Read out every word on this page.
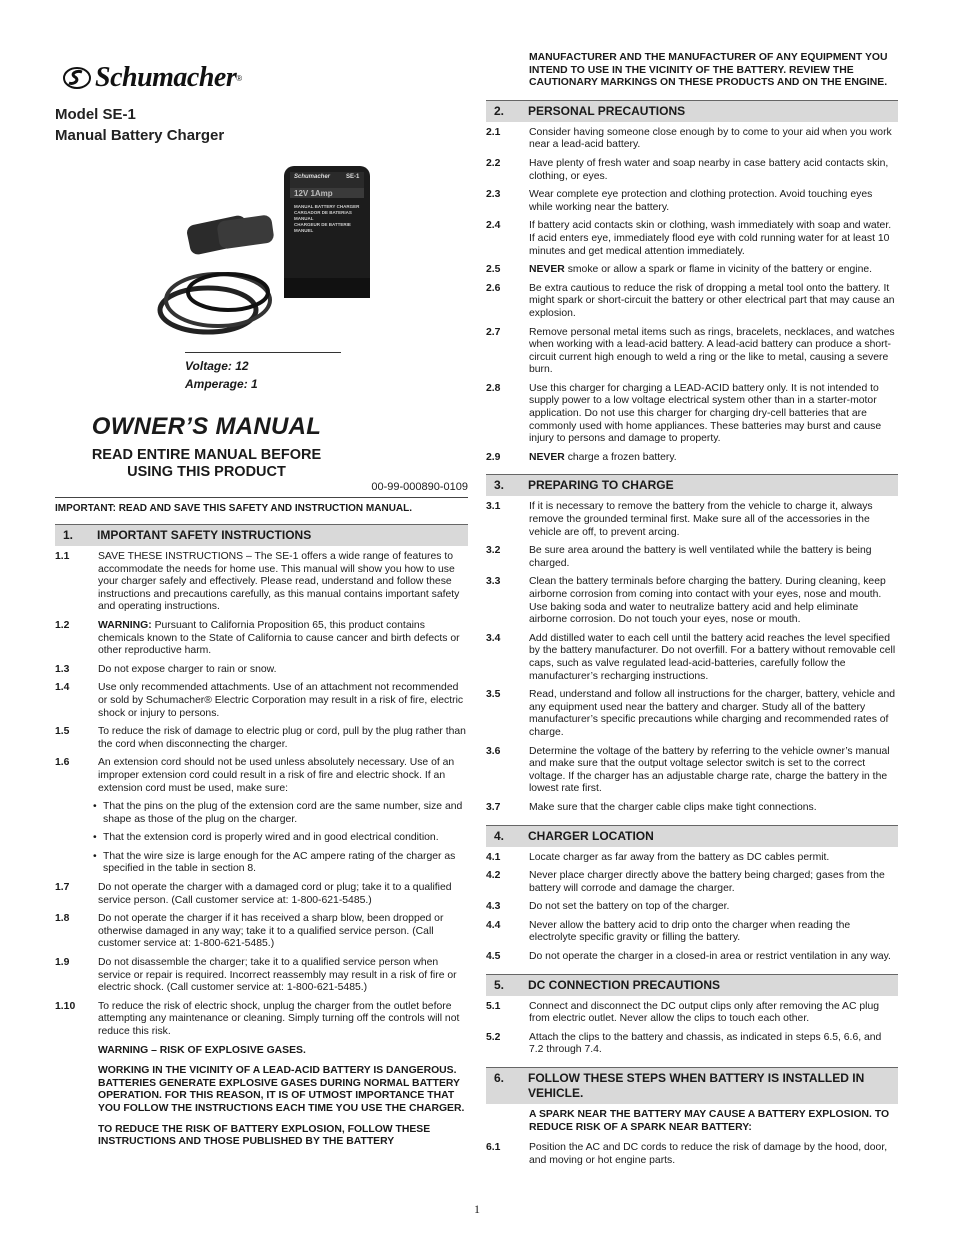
Schumacher ®
Model SE-1
Manual Battery Charger
Schumacher	SE-1
12V 1Amp
MANUAL BATTERY CHARGER
CARGADOR DE BATERIAS MANUAL
CHARGEUR DE BATTERIE MANUEL
Voltage: 12
Amperage: 1
OWNER’S MANUAL
READ ENTIRE MANUAL BEFORE
USING THIS PRODUCT
00-99-000890-0109
IMPORTANT: READ AND SAVE THIS SAFETY AND INSTRUCTION MANUAL.
1.	IMPORTANT SAFETY INSTRUCTIONS
1.1	SAVE THESE INSTRUCTIONS – The SE-1 offers a wide range of features to accommodate the needs for home use. This manual will show you how to use your charger safely and effectively. Please read, understand and follow these instructions and precautions carefully, as this manual contains important safety and operating instructions.
1.2	WARNING: Pursuant to California Proposition 65, this product contains chemicals known to the State of California to cause cancer and birth defects or other reproductive harm.
1.3	Do not expose charger to rain or snow.
1.4	Use only recommended attachments. Use of an attachment not recommended or sold by Schumacher® Electric Corporation may result in a risk of fire, electric shock or injury to persons.
1.5	To reduce the risk of damage to electric plug or cord, pull by the plug rather than the cord when disconnecting the charger.
1.6	An extension cord should not be used unless absolutely necessary. Use of an improper extension cord could result in a risk of fire and electric shock. If an extension cord must be used, make sure:
• That the pins on the plug of the extension cord are the same number, size and shape as those of the plug on the charger.
• That the extension cord is properly wired and in good electrical condition.
• That the wire size is large enough for the AC ampere rating of the charger as specified in the table in section 8.
1.7	Do not operate the charger with a damaged cord or plug; take it to a qualified service person. (Call customer service at: 1-800-621-5485.)
1.8	Do not operate the charger if it has received a sharp blow, been dropped or otherwise damaged in any way; take it to a qualified service person. (Call customer service at: 1-800-621-5485.)
1.9	Do not disassemble the charger; take it to a qualified service person when service or repair is required. Incorrect reassembly may result in a risk of fire or electric shock. (Call customer service at: 1-800-621-5485.)
1.10	To reduce the risk of electric shock, unplug the charger from the outlet before attempting any maintenance or cleaning. Simply turning off the controls will not reduce this risk.
WARNING – RISK OF EXPLOSIVE GASES.
WORKING IN THE VICINITY OF A LEAD-ACID BATTERY IS DANGEROUS. BATTERIES GENERATE EXPLOSIVE GASES DURING NORMAL BATTERY OPERATION. FOR THIS REASON, IT IS OF UTMOST IMPORTANCE THAT YOU FOLLOW THE INSTRUCTIONS EACH TIME YOU USE THE CHARGER.
TO REDUCE THE RISK OF BATTERY EXPLOSION, FOLLOW THESE INSTRUCTIONS AND THOSE PUBLISHED BY THE BATTERY
MANUFACTURER AND THE MANUFACTURER OF ANY EQUIPMENT YOU INTEND TO USE IN THE VICINITY OF THE BATTERY. REVIEW THE CAUTIONARY MARKINGS ON THESE PRODUCTS AND ON THE ENGINE.
2.	PERSONAL PRECAUTIONS
2.1	Consider having someone close enough by to come to your aid when you work near a lead-acid battery.
2.2	Have plenty of fresh water and soap nearby in case battery acid contacts skin, clothing, or eyes.
2.3	Wear complete eye protection and clothing protection. Avoid touching eyes while working near the battery.
2.4	If battery acid contacts skin or clothing, wash immediately with soap and water. If acid enters eye, immediately flood eye with cold running water for at least 10 minutes and get medical attention immediately.
2.5	NEVER smoke or allow a spark or flame in vicinity of the battery or engine.
2.6	Be extra cautious to reduce the risk of dropping a metal tool onto the battery. It might spark or short-circuit the battery or other electrical part that may cause an explosion.
2.7	Remove personal metal items such as rings, bracelets, necklaces, and watches when working with a lead-acid battery. A lead-acid battery can produce a short-circuit current high enough to weld a ring or the like to metal, causing a severe burn.
2.8	Use this charger for charging a LEAD-ACID battery only. It is not intended to supply power to a low voltage electrical system other than in a starter-motor application. Do not use this charger for charging dry-cell batteries that are commonly used with home appliances. These batteries may burst and cause injury to persons and damage to property.
2.9	NEVER charge a frozen battery.
3.	PREPARING TO CHARGE
3.1	If it is necessary to remove the battery from the vehicle to charge it, always remove the grounded terminal first. Make sure all of the accessories in the vehicle are off, to prevent arcing.
3.2	Be sure area around the battery is well ventilated while the battery is being charged.
3.3	Clean the battery terminals before charging the battery. During cleaning, keep airborne corrosion from coming into contact with your eyes, nose and mouth. Use baking soda and water to neutralize battery acid and help eliminate airborne corrosion. Do not touch your eyes, nose or mouth.
3.4	Add distilled water to each cell until the battery acid reaches the level specified by the battery manufacturer. Do not overfill. For a battery without removable cell caps, such as valve regulated lead-acid-batteries, carefully follow the manufacturer’s recharging instructions.
3.5	Read, understand and follow all instructions for the charger, battery, vehicle and any equipment used near the battery and charger. Study all of the battery manufacturer’s specific precautions while charging and recommended rates of charge.
3.6	Determine the voltage of the battery by referring to the vehicle owner’s manual and make sure that the output voltage selector switch is set to the correct voltage. If the charger has an adjustable charge rate, charge the battery in the lowest rate first.
3.7	Make sure that the charger cable clips make tight connections.
4.	CHARGER LOCATION
4.1	Locate charger as far away from the battery as DC cables permit.
4.2	Never place charger directly above the battery being charged; gases from the battery will corrode and damage the charger.
4.3	Do not set the battery on top of the charger.
4.4	Never allow the battery acid to drip onto the charger when reading the electrolyte specific gravity or filling the battery.
4.5	Do not operate the charger in a closed-in area or restrict ventilation in any way.
5.	DC CONNECTION PRECAUTIONS
5.1	Connect and disconnect the DC output clips only after removing the AC plug from electric outlet. Never allow the clips to touch each other.
5.2	Attach the clips to the battery and chassis, as indicated in steps 6.5, 6.6, and 7.2 through 7.4.
6.	FOLLOW THESE STEPS WHEN BATTERY IS INSTALLED IN VEHICLE.
A SPARK NEAR THE BATTERY MAY CAUSE A BATTERY EXPLOSION. TO REDUCE RISK OF A SPARK NEAR BATTERY:
6.1	Position the AC and DC cords to reduce the risk of damage by the hood, door, and moving or hot engine parts.
1
